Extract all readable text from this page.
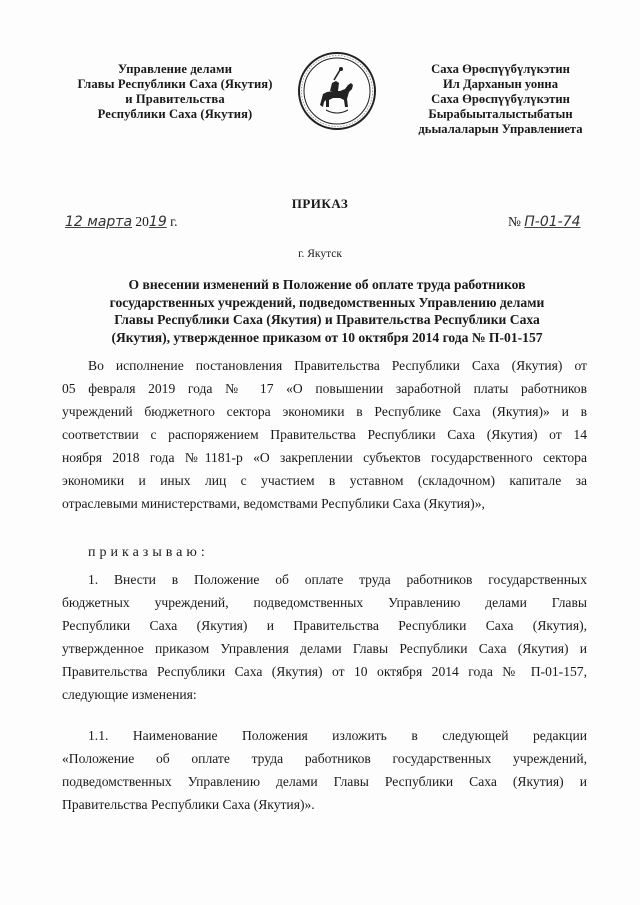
Управление делами
Главы Республики Саха (Якутия)
и Правительства
Республики Саха (Якутия)
Саха Өрөспүүбүлүкэтин
Ил Дарханын уонна
Саха Өрөспүүбүлүкэтин
Бырабыыталыстыбатын
дьыалаларын Управлениета
ПРИКАЗ
12 марта 2019 г.	№ П-01-74
г. Якутск
О внесении изменений в Положение об оплате труда работников
государственных учреждений, подведомственных Управлению делами
Главы Республики Саха (Якутия) и Правительства Республики Саха
(Якутия), утвержденное приказом от 10 октября 2014 года № П-01-157
Во исполнение постановления Правительства Республики Саха (Якутия) от
05 февраля 2019 года № 17 «О повышении заработной платы работников
учреждений бюджетного сектора экономики в Республике Саха (Якутия)» и в
соответствии с распоряжением Правительства Республики Саха (Якутия) от 14
ноября 2018 года №1181-р «О закреплении субъектов государственного сектора
экономики и иных лиц с участием в уставном (складочном) капитале за
отраслевыми министерствами, ведомствами Республики Саха (Якутия)»,
приказываю:
1. Внести в Положение об оплате труда работников государственных
бюджетных учреждений, подведомственных Управлению делами Главы
Республики Саха (Якутия) и Правительства Республики Саха (Якутия),
утвержденное приказом Управления делами Главы Республики Саха (Якутия) и
Правительства Республики Саха (Якутия) от 10 октября 2014 года № П-01-157,
следующие изменения:
1.1. Наименование Положения изложить в следующей редакции
«Положение об оплате труда работников государственных учреждений,
подведомственных Управлению делами Главы Республики Саха (Якутия) и
Правительства Республики Саха (Якутия)».
